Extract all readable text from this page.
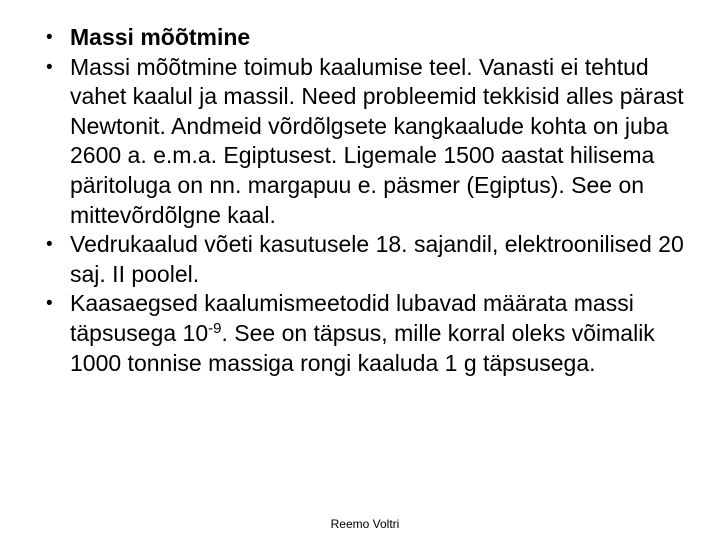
• Massi mõõtmine
• Massi mõõtmine toimub kaalumise teel. Vanasti ei tehtud vahet kaalul ja massil. Need probleemid tekkisid alles pärast Newtonit. Andmeid võrdõlgsete kangkaalude kohta on juba 2600 a. e.m.a. Egiptusest. Ligemale 1500 aastat hilisema päritoluga on nn. margapuu e. päsmer (Egiptus). See on mittevõrdõlgne kaal.
• Vedrukaalud võeti kasutusele 18. sajandil, elektroonilised 20 saj. II poolel.
• Kaasaegsed kaalumismeetodid lubavad määrata massi täpsusega $10^{-9}$. See on täpsus, mille korral oleks võimalik 1000 tonnise massiga rongi kaaluda 1 g täpsusega.
Reemo Voltri
